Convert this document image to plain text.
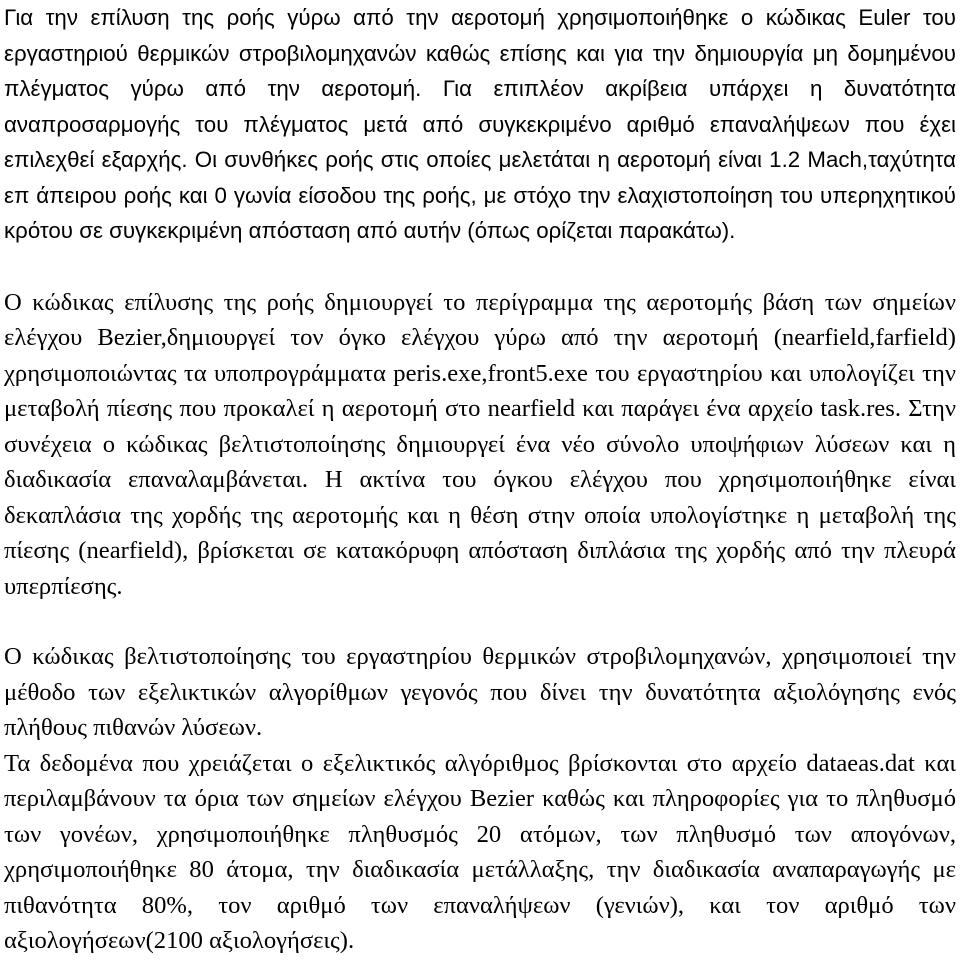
Για την επίλυση της ροής γύρω από την αεροτομή χρησιμοποιήθηκε ο κώδικας Euler του εργαστηριού θερμικών στροβιλομηχανών καθώς επίσης και για την δημιουργία μη δομημένου πλέγματος γύρω από την αεροτομή. Για επιπλέον ακρίβεια υπάρχει η δυνατότητα αναπροσαρμογής του πλέγματος μετά από συγκεκριμένο αριθμό επαναλήψεων που έχει επιλεχθεί εξαρχής. Οι συνθήκες ροής στις οποίες μελετάται η αεροτομή είναι 1.2 Mach,ταχύτητα επ άπειρου ροής και 0 γωνία είσοδου της ροής, με στόχο την ελαχιστοποίηση του υπερηχητικού κρότου σε συγκεκριμένη απόσταση από αυτήν (όπως ορίζεται παρακάτω).

Ο κώδικας επίλυσης της ροής δημιουργεί το περίγραμμα της αεροτομής βάση των σημείων ελέγχου Bezier,δημιουργεί τον όγκο ελέγχου γύρω από την αεροτομή (nearfield,farfield) χρησιμοποιώντας τα υποπρογράμματα peris.exe,front5.exe του εργαστηρίου και υπολογίζει την μεταβολή πίεσης που προκαλεί η αεροτομή στο nearfield και παράγει ένα αρχείο task.res. Στην συνέχεια ο κώδικας βελτιστοποίησης δημιουργεί ένα νέο σύνολο υποψήφιων λύσεων και η διαδικασία επαναλαμβάνεται. Η ακτίνα του όγκου ελέγχου που χρησιμοποιήθηκε είναι δεκαπλάσια της χορδής της αεροτομής και η θέση στην οποία υπολογίστηκε η μεταβολή της πίεσης (nearfield), βρίσκεται σε κατακόρυφη απόσταση διπλάσια της χορδής από την πλευρά υπερπίεσης.

Ο κώδικας βελτιστοποίησης του εργαστηρίου θερμικών στροβιλομηχανών, χρησιμοποιεί την μέθοδο των εξελικτικών αλγορίθμων γεγονός που δίνει την δυνατότητα αξιολόγησης ενός πλήθους πιθανών λύσεων.

Τα δεδομένα που χρειάζεται ο εξελικτικός αλγόριθμος βρίσκονται στο αρχείο dataeas.dat και περιλαμβάνουν τα όρια των σημείων ελέγχου Bezier καθώς και πληροφορίες για το πληθυσμό των γονέων, χρησιμοποιήθηκε πληθυσμός 20 ατόμων, των πληθυσμό των απογόνων, χρησιμοποιήθηκε 80 άτομα, την διαδικασία μετάλλαξης, την διαδικασία αναπαραγωγής με πιθανότητα 80%, τον αριθμό των επαναλήψεων (γενιών), και τον αριθμό των αξιολογήσεων(2100 αξιολογήσεις).
